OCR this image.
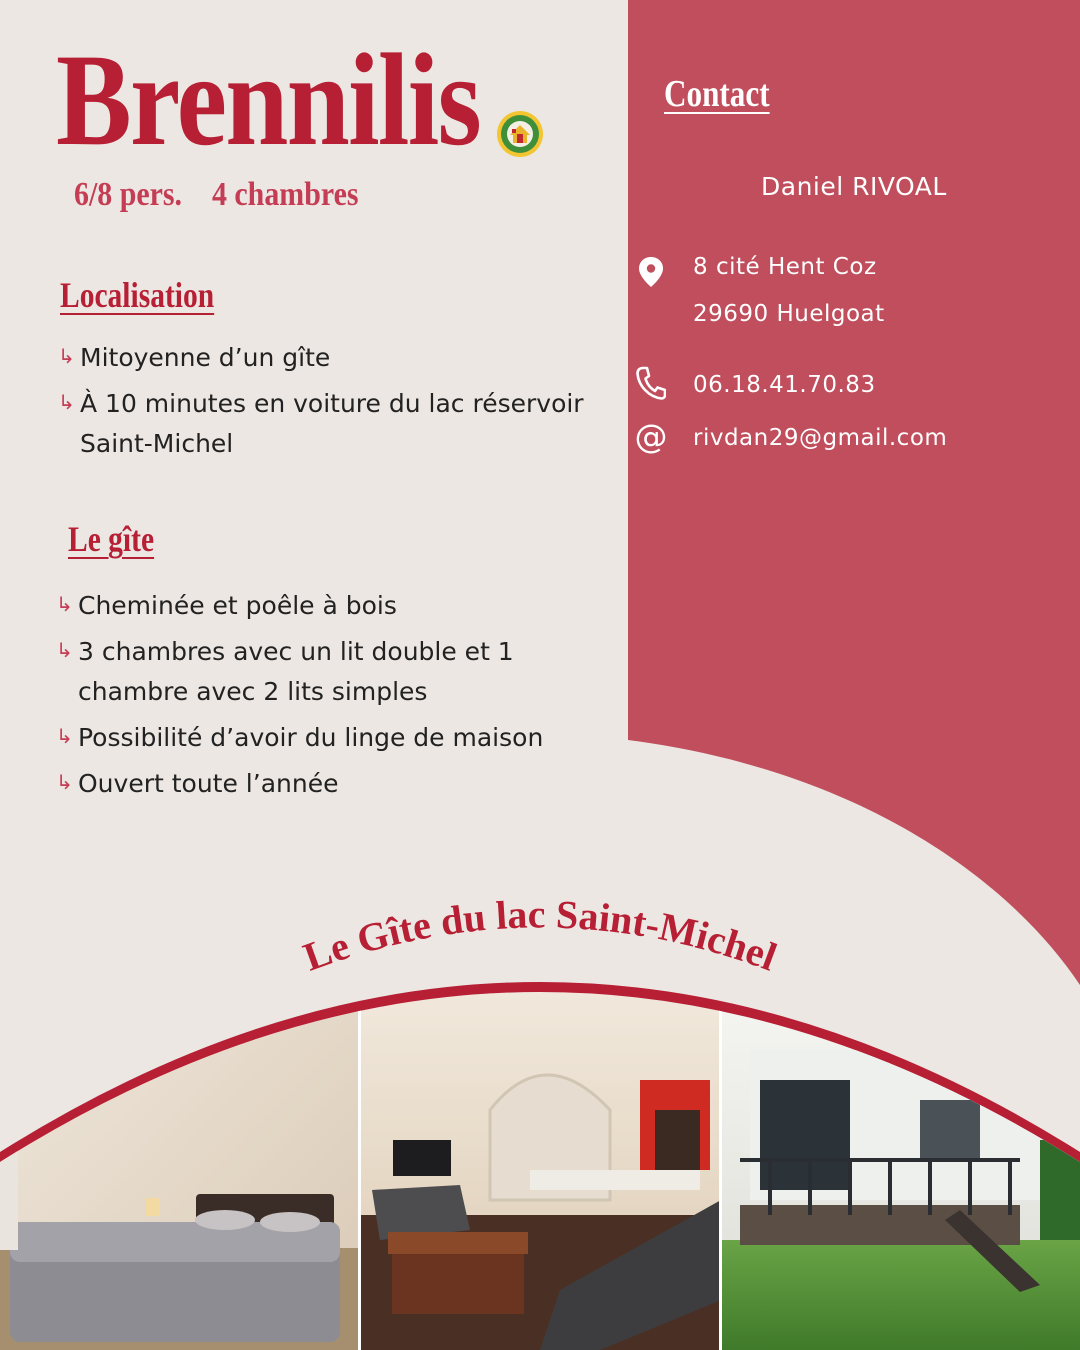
Brennilis
6/8 pers. 4 chambres
Localisation
↳ Mitoyenne d’un gîte
↳ À 10 minutes en voiture du lac réservoir
Saint-Michel
Le gîte
↳ Cheminée et poêle à bois
↳ 3 chambres avec un lit double et 1
chambre avec 2 lits simples
↳ Possibilité d’avoir du linge de maison
↳ Ouvert toute l’année
Contact
Daniel RIVOAL
8 cité Hent Coz
29690 Huelgoat
06.18.41.70.83
@ rivdan29@gmail.com
Le Gîte du lac Saint-Michel
